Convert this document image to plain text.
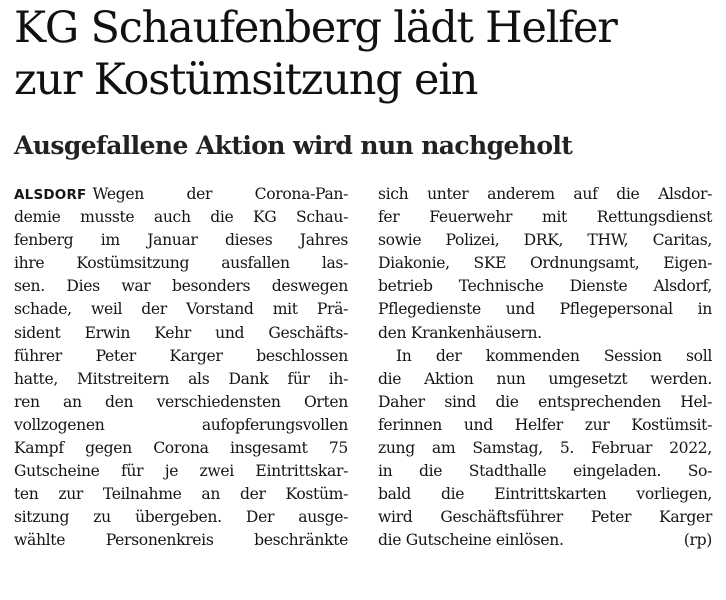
KG Schaufenberg lädt Helfer
zur Kostümsitzung ein
Ausgefallene Aktion wird nun nachgeholt
ALSDORF Wegen der Corona-Pan-
demie musste auch die KG Schau-
fenberg im Januar dieses Jahres
ihre Kostümsitzung ausfallen las-
sen. Dies war besonders deswegen
schade, weil der Vorstand mit Prä-
sident Erwin Kehr und Geschäfts-
führer Peter Karger beschlossen
hatte, Mitstreitern als Dank für ih-
ren an den verschiedensten Orten
vollzogenen aufopferungsvollen
Kampf gegen Corona insgesamt 75
Gutscheine für je zwei Eintrittskar-
ten zur Teilnahme an der Kostüm-
sitzung zu übergeben. Der ausge-
wählte Personenkreis beschränkte
sich unter anderem auf die Alsdor-
fer Feuerwehr mit Rettungsdienst
sowie Polizei, DRK, THW, Caritas,
Diakonie, SKE Ordnungsamt, Eigen-
betrieb Technische Dienste Alsdorf,
Pflegedienste und Pflegepersonal in
den Krankenhäusern.
In der kommenden Session soll
die Aktion nun umgesetzt werden.
Daher sind die entsprechenden Hel-
ferinnen und Helfer zur Kostümsit-
zung am Samstag, 5. Februar 2022,
in die Stadthalle eingeladen. So-
bald die Eintrittskarten vorliegen,
wird Geschäftsführer Peter Karger
die Gutscheine einlösen.	(rp)
